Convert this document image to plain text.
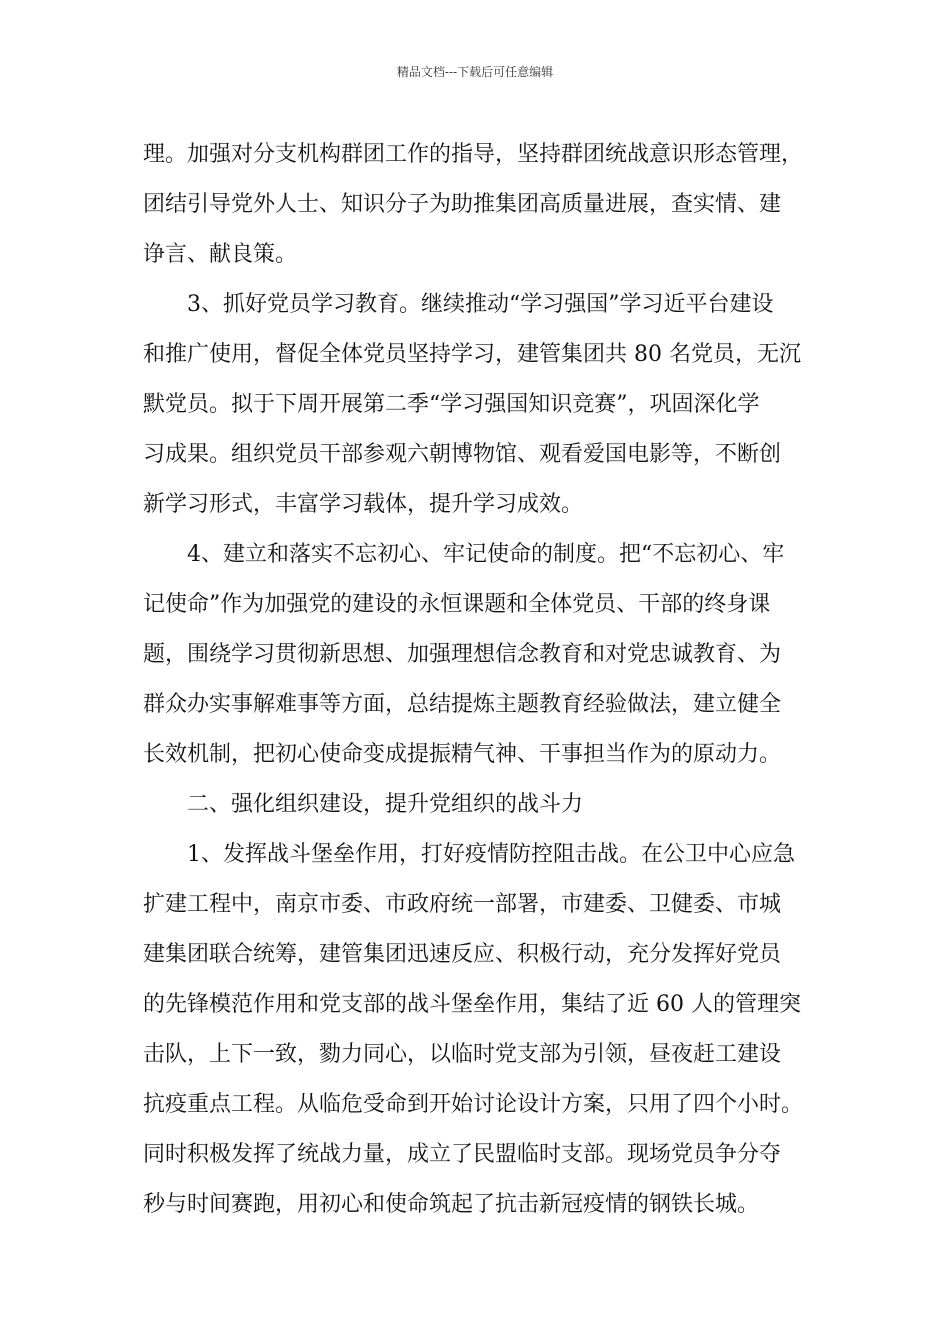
精品文档---下载后可任意编辑
理。加强对分支机构群团工作的指导，坚持群团统战意识形态管理，
团结引导党外人士、知识分子为助推集团高质量进展，查实情、建
诤言、献良策。
3、抓好党员学习教育。继续推动“学习强国”学习近平台建设
和推广使用，督促全体党员坚持学习，建管集团共 80 名党员，无沉
默党员。拟于下周开展第二季“学习强国知识竞赛”，巩固深化学
习成果。组织党员干部参观六朝博物馆、观看爱国电影等，不断创
新学习形式，丰富学习载体，提升学习成效。
4、建立和落实不忘初心、牢记使命的制度。把“不忘初心、牢
记使命”作为加强党的建设的永恒课题和全体党员、干部的终身课
题，围绕学习贯彻新思想、加强理想信念教育和对党忠诚教育、为
群众办实事解难事等方面，总结提炼主题教育经验做法，建立健全
长效机制，把初心使命变成提振精气神、干事担当作为的原动力。
二、强化组织建设，提升党组织的战斗力
1、发挥战斗堡垒作用，打好疫情防控阻击战。在公卫中心应急
扩建工程中，南京市委、市政府统一部署，市建委、卫健委、市城
建集团联合统筹，建管集团迅速反应、积极行动，充分发挥好党员
的先锋模范作用和党支部的战斗堡垒作用，集结了近 60 人的管理突
击队，上下一致，勠力同心，以临时党支部为引领，昼夜赶工建设
抗疫重点工程。从临危受命到开始讨论设计方案，只用了四个小时。
同时积极发挥了统战力量，成立了民盟临时支部。现场党员争分夺
秒与时间赛跑，用初心和使命筑起了抗击新冠疫情的钢铁长城。
